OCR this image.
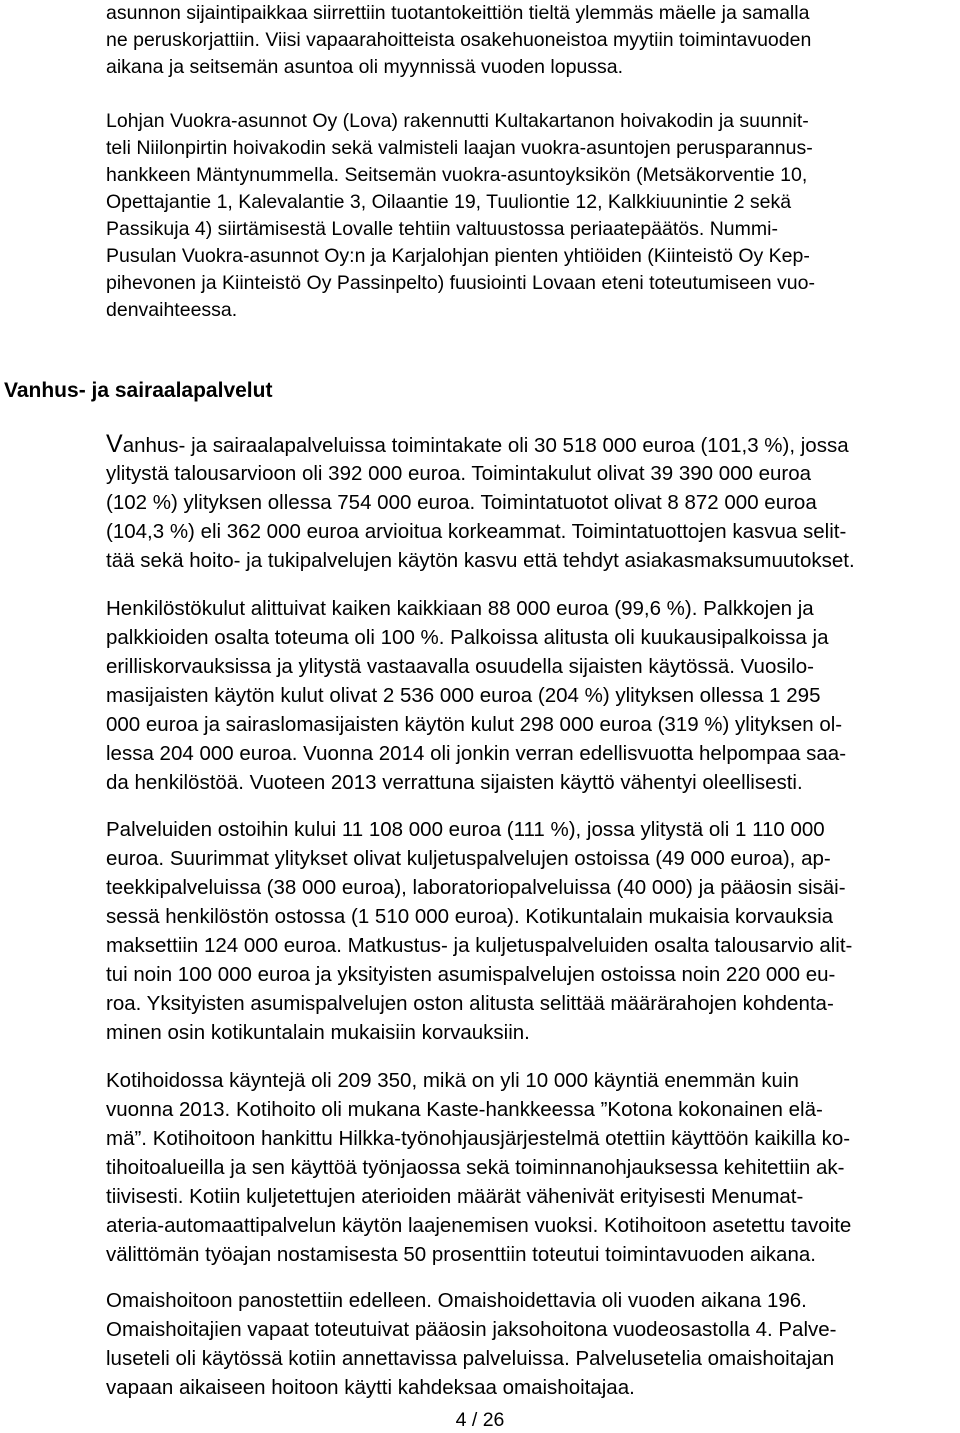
asunnon sijaintipaikkaa siirrettiin tuotantokeittiön tieltä ylemmäs mäelle ja samalla
ne peruskorjattiin. Viisi vapaarahoitteista osakehuoneistoa myytiin toimintavuoden
aikana ja seitsemän asuntoa oli myynnissä vuoden lopussa.
Lohjan Vuokra-asunnot Oy (Lova) rakennutti Kultakartanon hoivakodin ja suunnit-
teli Niilonpirtin hoivakodin sekä valmisteli laajan vuokra-asuntojen perusparannus-
hankkeen Mäntynummella. Seitsemän vuokra-asuntoyksikön (Metsäkorventie 10,
Opettajantie 1, Kalevalantie 3, Oilaantie 19, Tuuliontie 12, Kalkkiuunintie 2 sekä
Passikuja 4) siirtämisestä Lovalle tehtiin valtuustossa periaatepäätös. Nummi-
Pusulan Vuokra-asunnot Oy:n ja Karjalohjan pienten yhtiöiden (Kiinteistö Oy Kep-
pihevonen ja Kiinteistö Oy Passinpelto) fuusiointi Lovaan eteni toteutumiseen vuo-
denvaihteessa.
Vanhus- ja sairaalapalvelut
Vanhus- ja sairaalapalveluissa toimintakate oli 30 518 000 euroa (101,3 %), jossa
ylitystä talousarvioon oli 392 000 euroa. Toimintakulut olivat 39 390 000 euroa
(102 %) ylityksen ollessa 754 000 euroa. Toimintatuotot olivat 8 872 000 euroa
(104,3 %) eli 362 000 euroa arvioitua korkeammat. Toimintatuottojen kasvua selit-
tää sekä hoito- ja tukipalvelujen käytön kasvu että tehdyt asiakasmaksumuutokset.
Henkilöstökulut alittuivat kaiken kaikkiaan 88 000 euroa (99,6 %). Palkkojen ja
palkkioiden osalta toteuma oli 100 %. Palkoissa alitusta oli kuukausipalkoissa ja
erilliskorvauksissa ja ylitystä vastaavalla osuudella sijaisten käytössä. Vuosilo-
masijaisten käytön kulut olivat 2 536 000 euroa (204 %) ylityksen ollessa 1 295
000 euroa ja sairaslomasijaisten käytön kulut 298 000 euroa (319 %) ylityksen ol-
lessa 204 000 euroa. Vuonna 2014 oli jonkin verran edellisvuotta helpompaa saa-
da henkilöstöä. Vuoteen 2013 verrattuna sijaisten käyttö vähentyi oleellisesti.
Palveluiden ostoihin kului 11 108 000 euroa (111 %), jossa ylitystä oli 1 110 000
euroa. Suurimmat ylitykset olivat kuljetuspalvelujen ostoissa (49 000 euroa), ap-
teekkipalveluissa (38 000 euroa), laboratoriopalveluissa (40 000) ja pääosin sisäi-
sessä henkilöstön ostossa (1 510 000 euroa). Kotikuntalain mukaisia korvauksia
maksettiin 124 000 euroa. Matkustus- ja kuljetuspalveluiden osalta talousarvio alit-
tui noin 100 000 euroa ja yksityisten asumispalvelujen ostoissa noin 220 000 eu-
roa. Yksityisten asumispalvelujen oston alitusta selittää määrärahojen kohdenta-
minen osin kotikuntalain mukaisiin korvauksiin.
Kotihoidossa käyntejä oli 209 350, mikä on yli 10 000 käyntiä enemmän kuin
vuonna 2013. Kotihoito oli mukana Kaste-hankkeessa ”Kotona kokonainen elä-
mä”. Kotihoitoon hankittu Hilkka-työnohjausjärjestelmä otettiin käyttöön kaikilla ko-
tihoitoalueilla ja sen käyttöä työnjaossa sekä toiminnanohjauksessa kehitettiin ak-
tiivisesti. Kotiin kuljetettujen aterioiden määrät vähenivät erityisesti Menumat-
ateria-automaattipalvelun käytön laajenemisen vuoksi. Kotihoitoon asetettu tavoite
välittömän työajan nostamisesta 50 prosenttiin toteutui toimintavuoden aikana.
Omaishoitoon panostettiin edelleen. Omaishoidettavia oli vuoden aikana 196.
Omaishoitajien vapaat toteutuivat pääosin jaksohoitona vuodeosastolla 4. Palve-
luseteli oli käytössä kotiin annettavissa palveluissa. Palvelusetelia omaishoitajan
vapaan aikaiseen hoitoon käytti kahdeksaa omaishoitajaa.
4 / 26
